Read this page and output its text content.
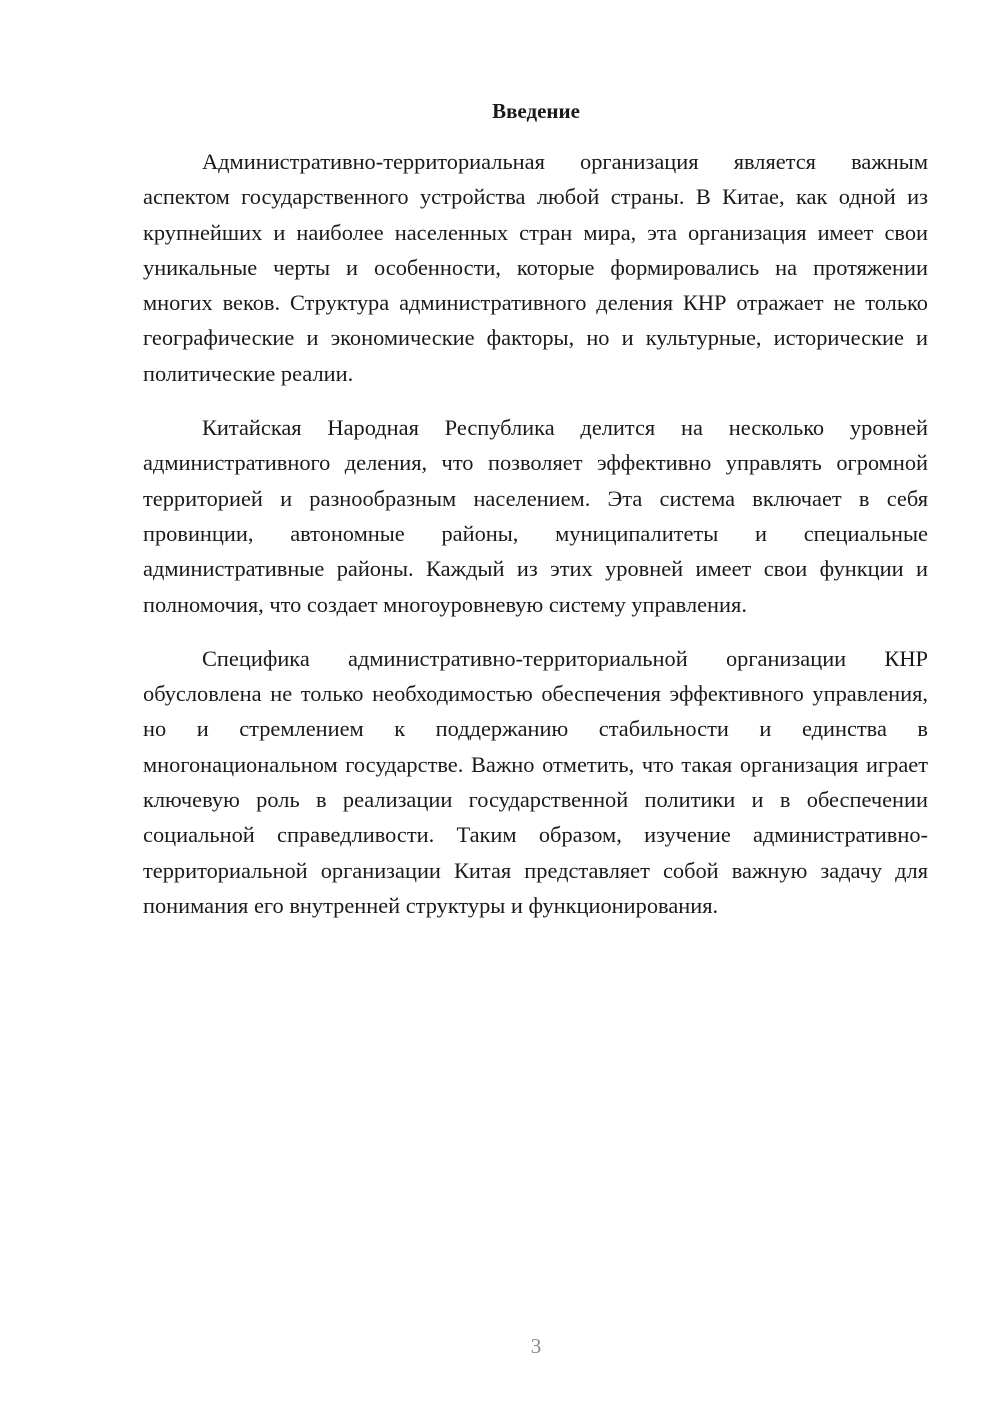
Введение

Административно-территориальная организация является важным аспектом государственного устройства любой страны. В Китае, как одной из крупнейших и наиболее населенных стран мира, эта организация имеет свои уникальные черты и особенности, которые формировались на протяжении многих веков. Структура административного деления КНР отражает не только географические и экономические факторы, но и культурные, исторические и политические реалии.

Китайская Народная Республика делится на несколько уровней административного деления, что позволяет эффективно управлять огромной территорией и разнообразным населением. Эта система включает в себя провинции, автономные районы, муниципалитеты и специальные административные районы. Каждый из этих уровней имеет свои функции и полномочия, что создает многоуровневую систему управления.

Специфика административно-территориальной организации КНР обусловлена не только необходимостью обеспечения эффективного управления, но и стремлением к поддержанию стабильности и единства в многонациональном государстве. Важно отметить, что такая организация играет ключевую роль в реализации государственной политики и в обеспечении социальной справедливости. Таким образом, изучение административно-территориальной организации Китая представляет собой важную задачу для понимания его внутренней структуры и функционирования.

3
